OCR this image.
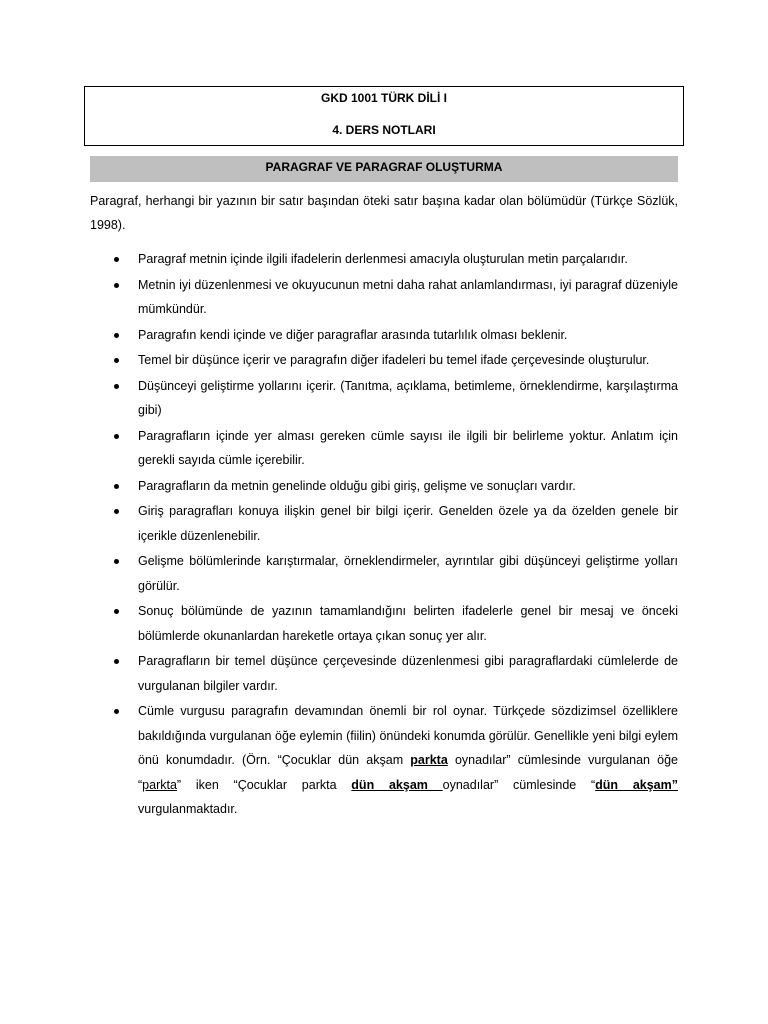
GKD 1001 TÜRK DİLİ I
4. DERS NOTLARI
PARAGRAF VE PARAGRAF OLUŞTURMA
Paragraf, herhangi bir yazının bir satır başından öteki satır başına kadar olan bölümüdür (Türkçe Sözlük, 1998).
Paragraf metnin içinde ilgili ifadelerin derlenmesi amacıyla oluşturulan metin parçalarıdır.
Metnin iyi düzenlenmesi ve okuyucunun metni daha rahat anlamlandırması, iyi paragraf düzeniyle mümkündür.
Paragrafın kendi içinde ve diğer paragraflar arasında tutarlılık olması beklenir.
Temel bir düşünce içerir ve paragrafın diğer ifadeleri bu temel ifade çerçevesinde oluşturulur.
Düşünceyi geliştirme yollarını içerir. (Tanıtma, açıklama, betimleme, örneklendirme, karşılaştırma gibi)
Paragrafların içinde yer alması gereken cümle sayısı ile ilgili bir belirleme yoktur. Anlatım için gerekli sayıda cümle içerebilir.
Paragrafların da metnin genelinde olduğu gibi giriş, gelişme ve sonuçları vardır.
Giriş paragrafları konuya ilişkin genel bir bilgi içerir. Genelden özele ya da özelden genele bir içerikle düzenlenebilir.
Gelişme bölümlerinde karıştırmalar, örneklendirmeler, ayrıntılar gibi düşünceyi geliştirme yolları görülür.
Sonuç bölümünde de yazının tamamlandığını belirten ifadelerle genel bir mesaj ve önceki bölümlerde okunanlardan hareketle ortaya çıkan sonuç yer alır.
Paragrafların bir temel düşünce çerçevesinde düzenlenmesi gibi paragraflardaki cümlelerde de vurgulanan bilgiler vardır.
Cümle vurgusu paragrafın devamından önemli bir rol oynar. Türkçede sözdizimsel özelliklere bakıldığında vurgulanan öğe eylemin (fiilin) önündeki konumda görülür. Genellikle yeni bilgi eylem önü konumdadır. (Örn. “Çocuklar dün akşam parkta oynadılar” cümlesinde vurgulanan öğe “parkta” iken “Çocuklar parkta dün akşam oynadılar” cümlesinde “dün akşam” vurgulanmaktadır.
